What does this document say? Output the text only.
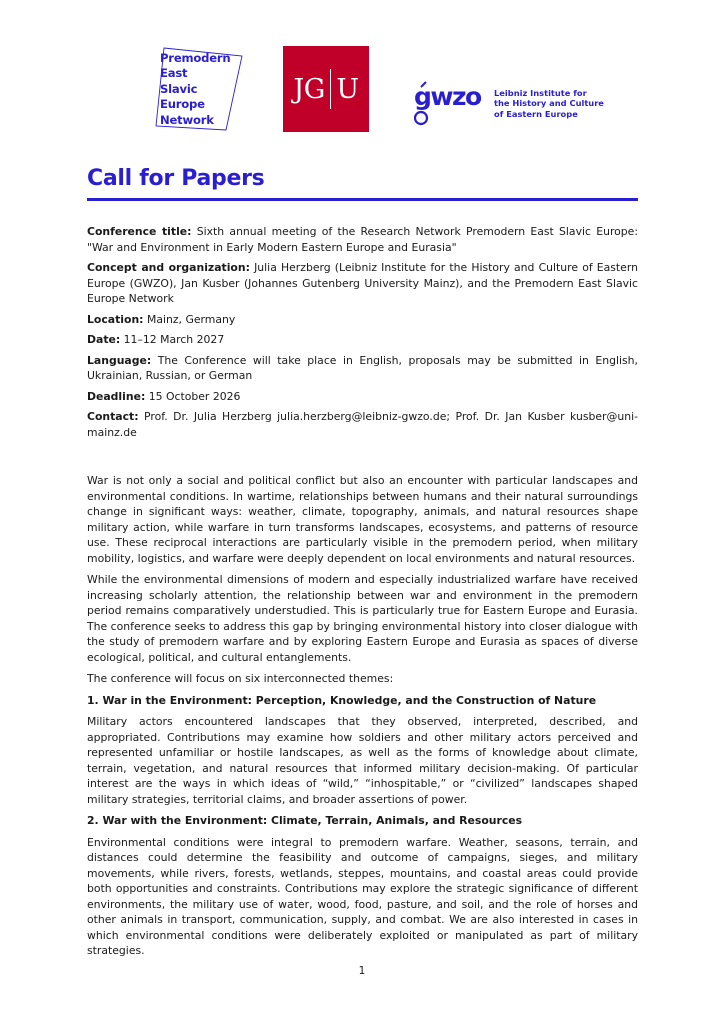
Premodern
East
Slavic
Europe
Network
JG U gwzo Leibniz Institute for
the History and Culture
of Eastern Europe
Call for Papers

Conference title: Sixth annual meeting of the Research Network Premodern East Slavic Europe: "War and Environment in Early Modern Eastern Europe and Eurasia"

Concept and organization: Julia Herzberg (Leibniz Institute for the History and Culture of Eastern Europe (GWZO), Jan Kusber (Johannes Gutenberg University Mainz), and the Premodern East Slavic Europe Network

Location: Mainz, Germany

Date: 11–12 March 2027

Language: The Conference will take place in English, proposals may be submitted in English, Ukrainian, Russian, or German

Deadline: 15 October 2026

Contact: Prof. Dr. Julia Herzberg julia.herzberg@leibniz-gwzo.de; Prof. Dr. Jan Kusber kusber@uni-mainz.de

War is not only a social and political conflict but also an encounter with particular landscapes and environmental conditions. In wartime, relationships between humans and their natural surroundings change in significant ways: weather, climate, topography, animals, and natural resources shape military action, while warfare in turn transforms landscapes, ecosystems, and patterns of resource use. These reciprocal interactions are particularly visible in the premodern period, when military mobility, logistics, and warfare were deeply dependent on local environments and natural resources.

While the environmental dimensions of modern and especially industrialized warfare have received increasing scholarly attention, the relationship between war and environment in the premodern period remains comparatively understudied. This is particularly true for Eastern Europe and Eurasia. The conference seeks to address this gap by bringing environmental history into closer dialogue with the study of premodern warfare and by exploring Eastern Europe and Eurasia as spaces of diverse ecological, political, and cultural entanglements.

The conference will focus on six interconnected themes:

1. War in the Environment: Perception, Knowledge, and the Construction of Nature

Military actors encountered landscapes that they observed, interpreted, described, and appropriated. Contributions may examine how soldiers and other military actors perceived and represented unfamiliar or hostile landscapes, as well as the forms of knowledge about climate, terrain, vegetation, and natural resources that informed military decision-making. Of particular interest are the ways in which ideas of “wild,” “inhospitable,” or “civilized” landscapes shaped military strategies, territorial claims, and broader assertions of power.

2. War with the Environment: Climate, Terrain, Animals, and Resources

Environmental conditions were integral to premodern warfare. Weather, seasons, terrain, and distances could determine the feasibility and outcome of campaigns, sieges, and military movements, while rivers, forests, wetlands, steppes, mountains, and coastal areas could provide both opportunities and constraints. Contributions may explore the strategic significance of different environments, the military use of water, wood, food, pasture, and soil, and the role of horses and other animals in transport, communication, supply, and combat. We are also interested in cases in which environmental conditions were deliberately exploited or manipulated as part of military strategies.

1
